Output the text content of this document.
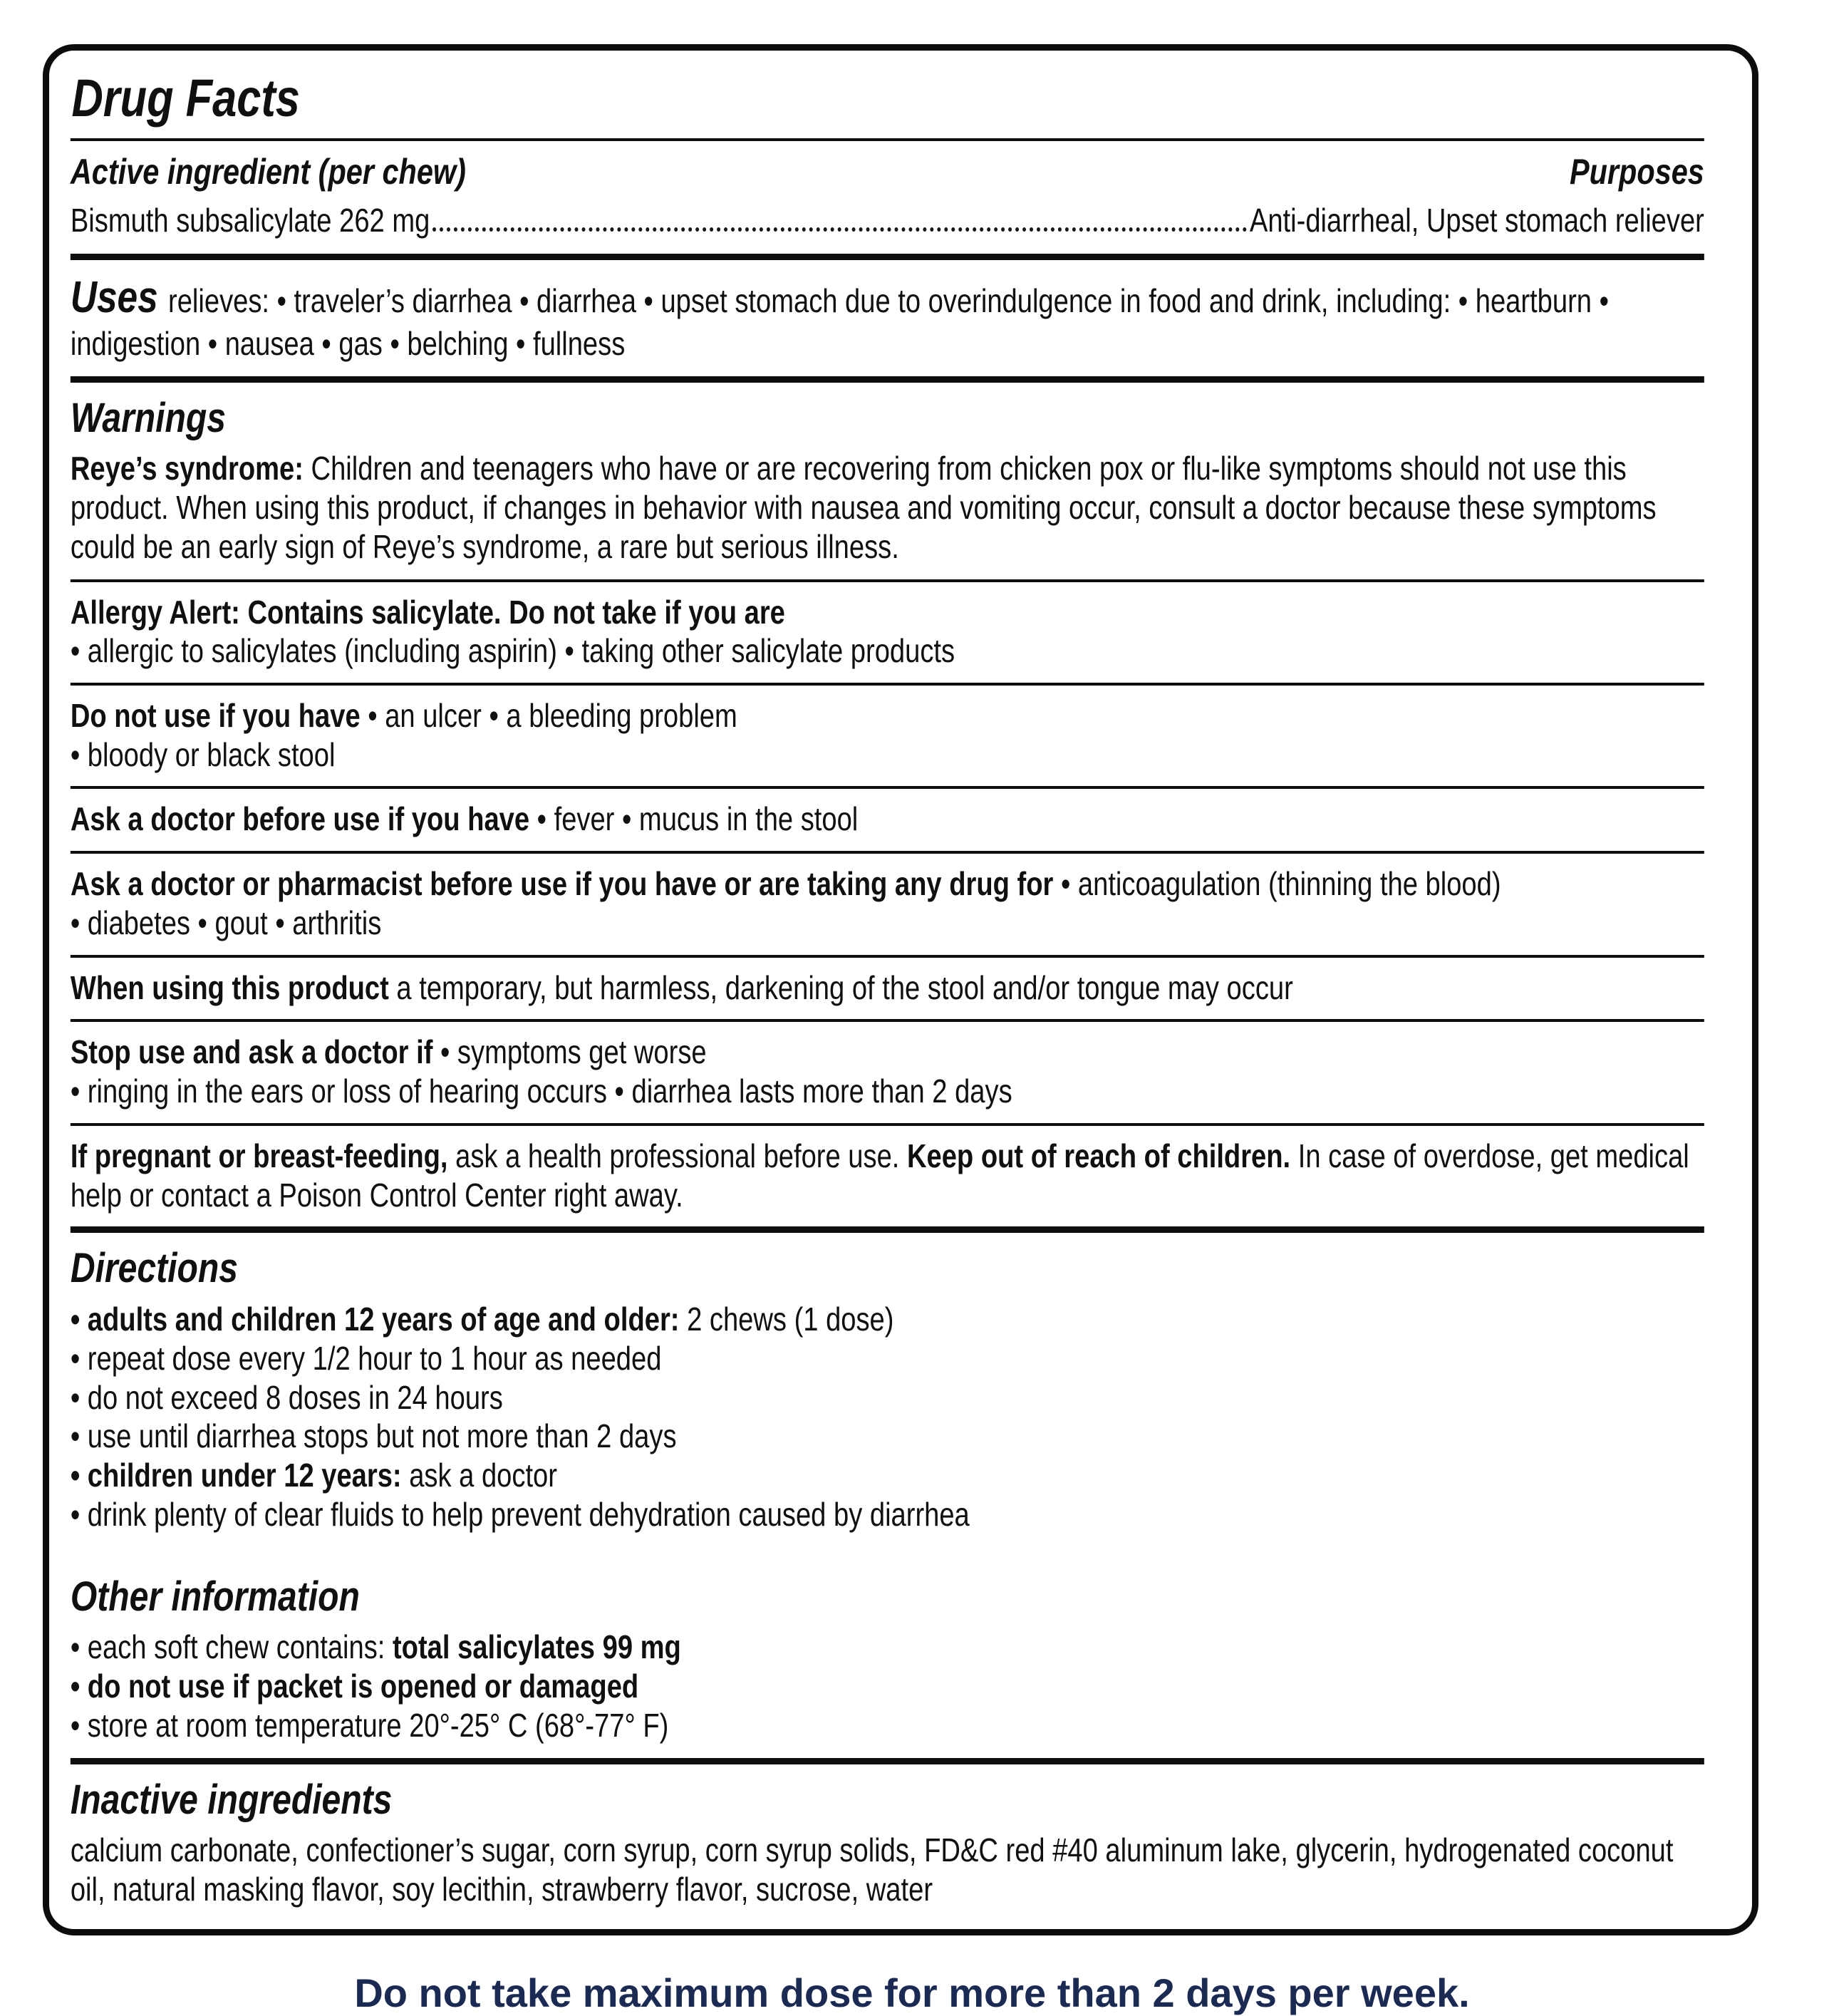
Drug Facts
Active ingredient (per chew)	Purposes
Bismuth subsalicylate 262 mg	Anti-diarrheal, Upset stomach reliever

Uses relieves: • traveler’s diarrhea • diarrhea • upset stomach due to overindulgence in food and drink, including: • heartburn • indigestion • nausea • gas • belching • fullness

Warnings

Reye’s syndrome: Children and teenagers who have or are recovering from chicken pox or flu-like symptoms should not use this product. When using this product, if changes in behavior with nausea and vomiting occur, consult a doctor because these symptoms could be an early sign of Reye’s syndrome, a rare but serious illness.

Allergy Alert: Contains salicylate. Do not take if you are

• allergic to salicylates (including aspirin) • taking other salicylate products

Do not use if you have • an ulcer • a bleeding problem

• bloody or black stool

Ask a doctor before use if you have • fever • mucus in the stool

Ask a doctor or pharmacist before use if you have or are taking any drug for • anticoagulation (thinning the blood)

• diabetes • gout • arthritis

When using this product a temporary, but harmless, darkening of the stool and/or tongue may occur

Stop use and ask a doctor if • symptoms get worse

• ringing in the ears or loss of hearing occurs • diarrhea lasts more than 2 days

If pregnant or breast-feeding, ask a health professional before use. Keep out of reach of children. In case of overdose, get medical help or contact a Poison Control Center right away.

Directions

• adults and children 12 years of age and older: 2 chews (1 dose)

• repeat dose every 1/2 hour to 1 hour as needed

• do not exceed 8 doses in 24 hours

• use until diarrhea stops but not more than 2 days

• children under 12 years: ask a doctor

• drink plenty of clear fluids to help prevent dehydration caused by diarrhea

Other information

• each soft chew contains: total salicylates 99 mg

• do not use if packet is opened or damaged

• store at room temperature 20°-25° C (68°-77° F)

Inactive ingredients

calcium carbonate, confectioner’s sugar, corn syrup, corn syrup solids, FD&C red #40 aluminum lake, glycerin, hydrogenated coconut oil, natural masking flavor, soy lecithin, strawberry flavor, sucrose, water

Do not take maximum dose for more than 2 days per week.
